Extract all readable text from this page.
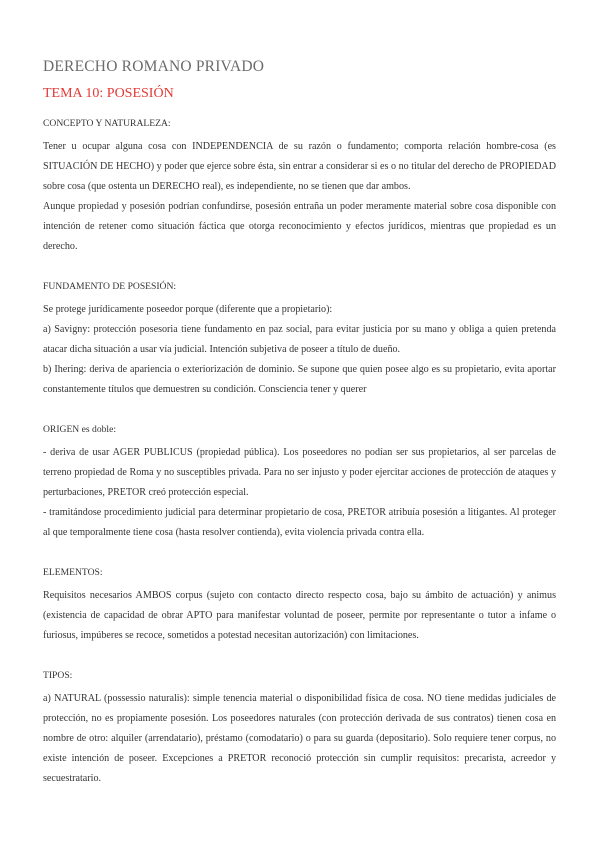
DERECHO ROMANO PRIVADO
TEMA 10: POSESIÓN
CONCEPTO Y NATURALEZA:

Tener u ocupar alguna cosa con INDEPENDENCIA de su razón o fundamento; comporta relación hombre-cosa (es SITUACIÓN DE HECHO) y poder que ejerce sobre ésta, sin entrar a considerar si es o no titular del derecho de PROPIEDAD sobre cosa (que ostenta un DERECHO real), es independiente, no se tienen que dar ambos.

Aunque propiedad y posesión podrían confundirse, posesión entraña un poder meramente material sobre cosa disponible con intención de retener como situación fáctica que otorga reconocimiento y efectos jurídicos, mientras que propiedad es un derecho.

FUNDAMENTO DE POSESIÓN:

Se protege jurídicamente poseedor porque (diferente que a propietario):

a) Savigny: protección posesoria tiene fundamento en paz social, para evitar justicia por su mano y obliga a quien pretenda atacar dicha situación a usar vía judicial. Intención subjetiva de poseer a título de dueño.

b) Ihering: deriva de apariencia o exteriorización de dominio. Se supone que quien posee algo es su propietario, evita aportar constantemente títulos que demuestren su condición. Consciencia tener y querer

ORIGEN es doble:

- deriva de usar AGER PUBLICUS (propiedad pública). Los poseedores no podían ser sus propietarios, al ser parcelas de terreno propiedad de Roma y no susceptibles privada. Para no ser injusto y poder ejercitar acciones de protección de ataques y perturbaciones, PRETOR creó protección especial.

- tramitándose procedimiento judicial para determinar propietario de cosa, PRETOR atribuía posesión a litigantes. Al proteger al que temporalmente tiene cosa (hasta resolver contienda), evita violencia privada contra ella.

ELEMENTOS:

Requisitos necesarios AMBOS corpus (sujeto con contacto directo respecto cosa, bajo su ámbito de actuación) y animus (existencia de capacidad de obrar APTO para manifestar voluntad de poseer, permite por representante o tutor a infame o furiosus, impúberes se recoce, sometidos a potestad necesitan autorización) con limitaciones.

TIPOS:

a) NATURAL (possessio naturalis): simple tenencia material o disponibilidad física de cosa. NO tiene medidas judiciales de protección, no es propiamente posesión. Los poseedores naturales (con protección derivada de sus contratos) tienen cosa en nombre de otro: alquiler (arrendatario), préstamo (comodatario) o para su guarda (depositario). Solo requiere tener corpus, no existe intención de poseer. Excepciones a PRETOR reconoció protección sin cumplir requisitos: precarista, acreedor y secuestratario.
